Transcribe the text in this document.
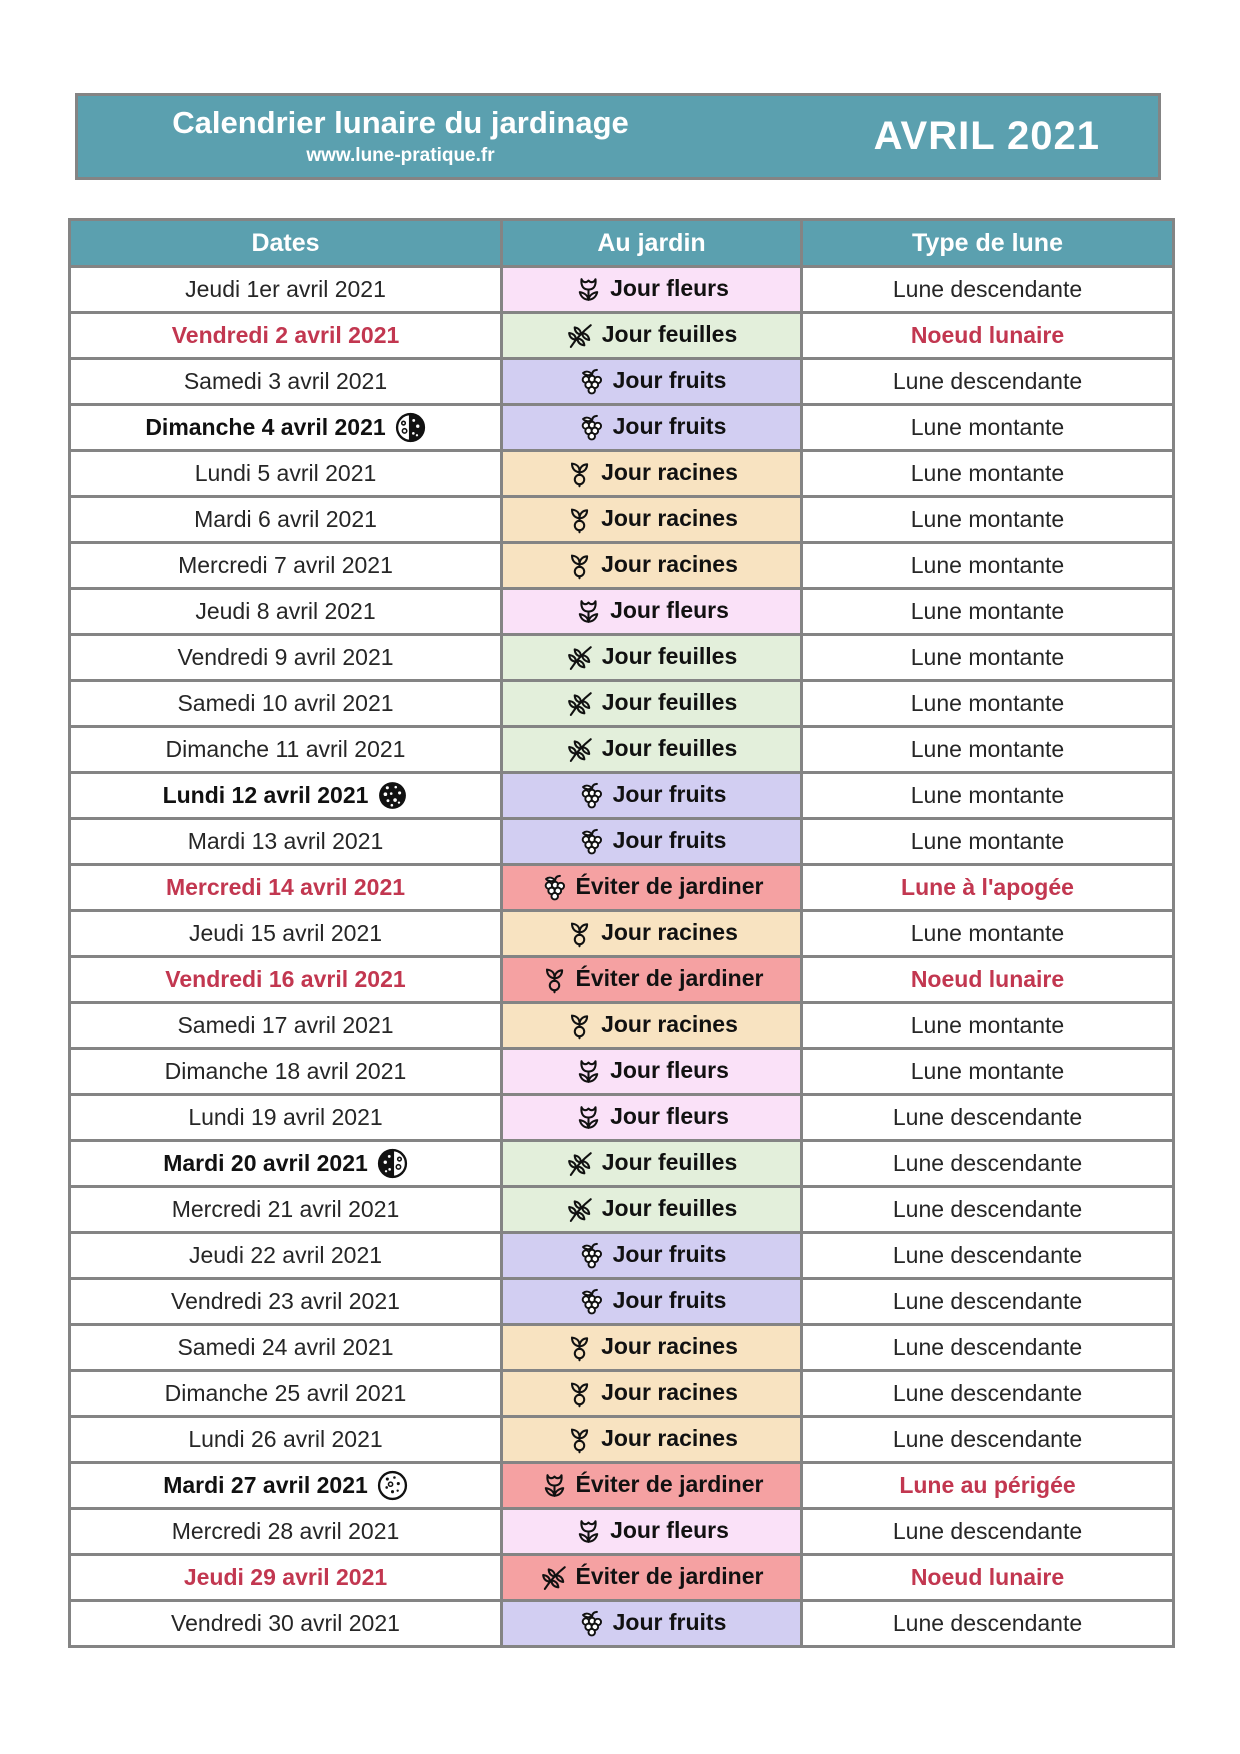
Calendrier lunaire du jardinage
www.lune-pratique.fr	AVRIL 2021
Dates	Au jardin	Type de lune
Jeudi 1er avril 2021	Jour fleurs	Lune descendante
Vendredi 2 avril 2021	Jour feuilles	Noeud lunaire
Samedi 3 avril 2021	Jour fruits	Lune descendante
Dimanche 4 avril 2021	Jour fruits	Lune montante
Lundi 5 avril 2021	Jour racines	Lune montante
Mardi 6 avril 2021	Jour racines	Lune montante
Mercredi 7 avril 2021	Jour racines	Lune montante
Jeudi 8 avril 2021	Jour fleurs	Lune montante
Vendredi 9 avril 2021	Jour feuilles	Lune montante
Samedi 10 avril 2021	Jour feuilles	Lune montante
Dimanche 11 avril 2021	Jour feuilles	Lune montante
Lundi 12 avril 2021	Jour fruits	Lune montante
Mardi 13 avril 2021	Jour fruits	Lune montante
Mercredi 14 avril 2021	Éviter de jardiner	Lune à l'apogée
Jeudi 15 avril 2021	Jour racines	Lune montante
Vendredi 16 avril 2021	Éviter de jardiner	Noeud lunaire
Samedi 17 avril 2021	Jour racines	Lune montante
Dimanche 18 avril 2021	Jour fleurs	Lune montante
Lundi 19 avril 2021	Jour fleurs	Lune descendante
Mardi 20 avril 2021	Jour feuilles	Lune descendante
Mercredi 21 avril 2021	Jour feuilles	Lune descendante
Jeudi 22 avril 2021	Jour fruits	Lune descendante
Vendredi 23 avril 2021	Jour fruits	Lune descendante
Samedi 24 avril 2021	Jour racines	Lune descendante
Dimanche 25 avril 2021	Jour racines	Lune descendante
Lundi 26 avril 2021	Jour racines	Lune descendante
Mardi 27 avril 2021	Éviter de jardiner	Lune au périgée
Mercredi 28 avril 2021	Jour fleurs	Lune descendante
Jeudi 29 avril 2021	Éviter de jardiner	Noeud lunaire
Vendredi 30 avril 2021	Jour fruits	Lune descendante
